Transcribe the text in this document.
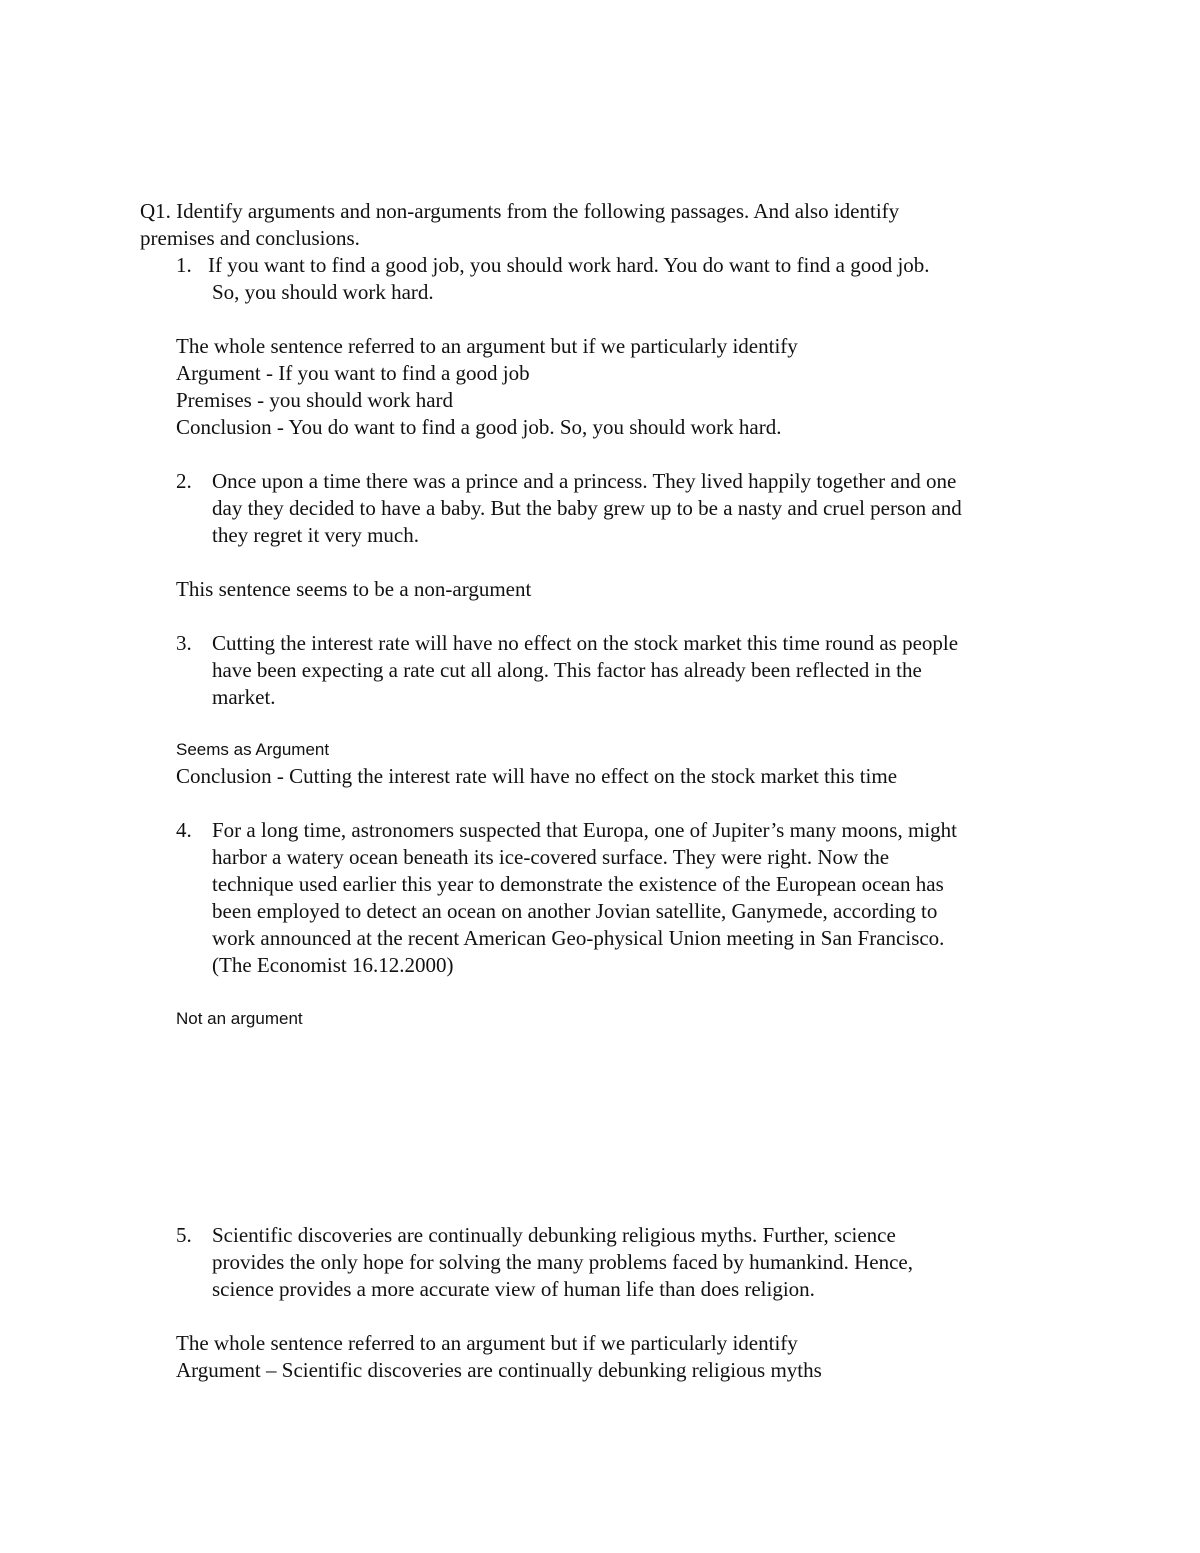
Q1. Identify arguments and non-arguments from the following passages. And also identify
premises and conclusions.
1. If you want to find a good job, you should work hard. You do want to find a good job.
So, you should work hard.
The whole sentence referred to an argument but if we particularly identify
Argument - If you want to find a good job
Premises - you should work hard
Conclusion - You do want to find a good job. So, you should work hard.
2. Once upon a time there was a prince and a princess. They lived happily together and one
day they decided to have a baby. But the baby grew up to be a nasty and cruel person and
they regret it very much.
This sentence seems to be a non-argument
3. Cutting the interest rate will have no effect on the stock market this time round as people
have been expecting a rate cut all along. This factor has already been reflected in the
market.
Seems as Argument
Conclusion - Cutting the interest rate will have no effect on the stock market this time
4. For a long time, astronomers suspected that Europa, one of Jupiter’s many moons, might
harbor a watery ocean beneath its ice-covered surface. They were right. Now the
technique used earlier this year to demonstrate the existence of the European ocean has
been employed to detect an ocean on another Jovian satellite, Ganymede, according to
work announced at the recent American Geo-physical Union meeting in San Francisco.
(The Economist 16.12.2000)
Not an argument
5. Scientific discoveries are continually debunking religious myths. Further, science
provides the only hope for solving the many problems faced by humankind. Hence,
science provides a more accurate view of human life than does religion.
The whole sentence referred to an argument but if we particularly identify
Argument – Scientific discoveries are continually debunking religious myths
